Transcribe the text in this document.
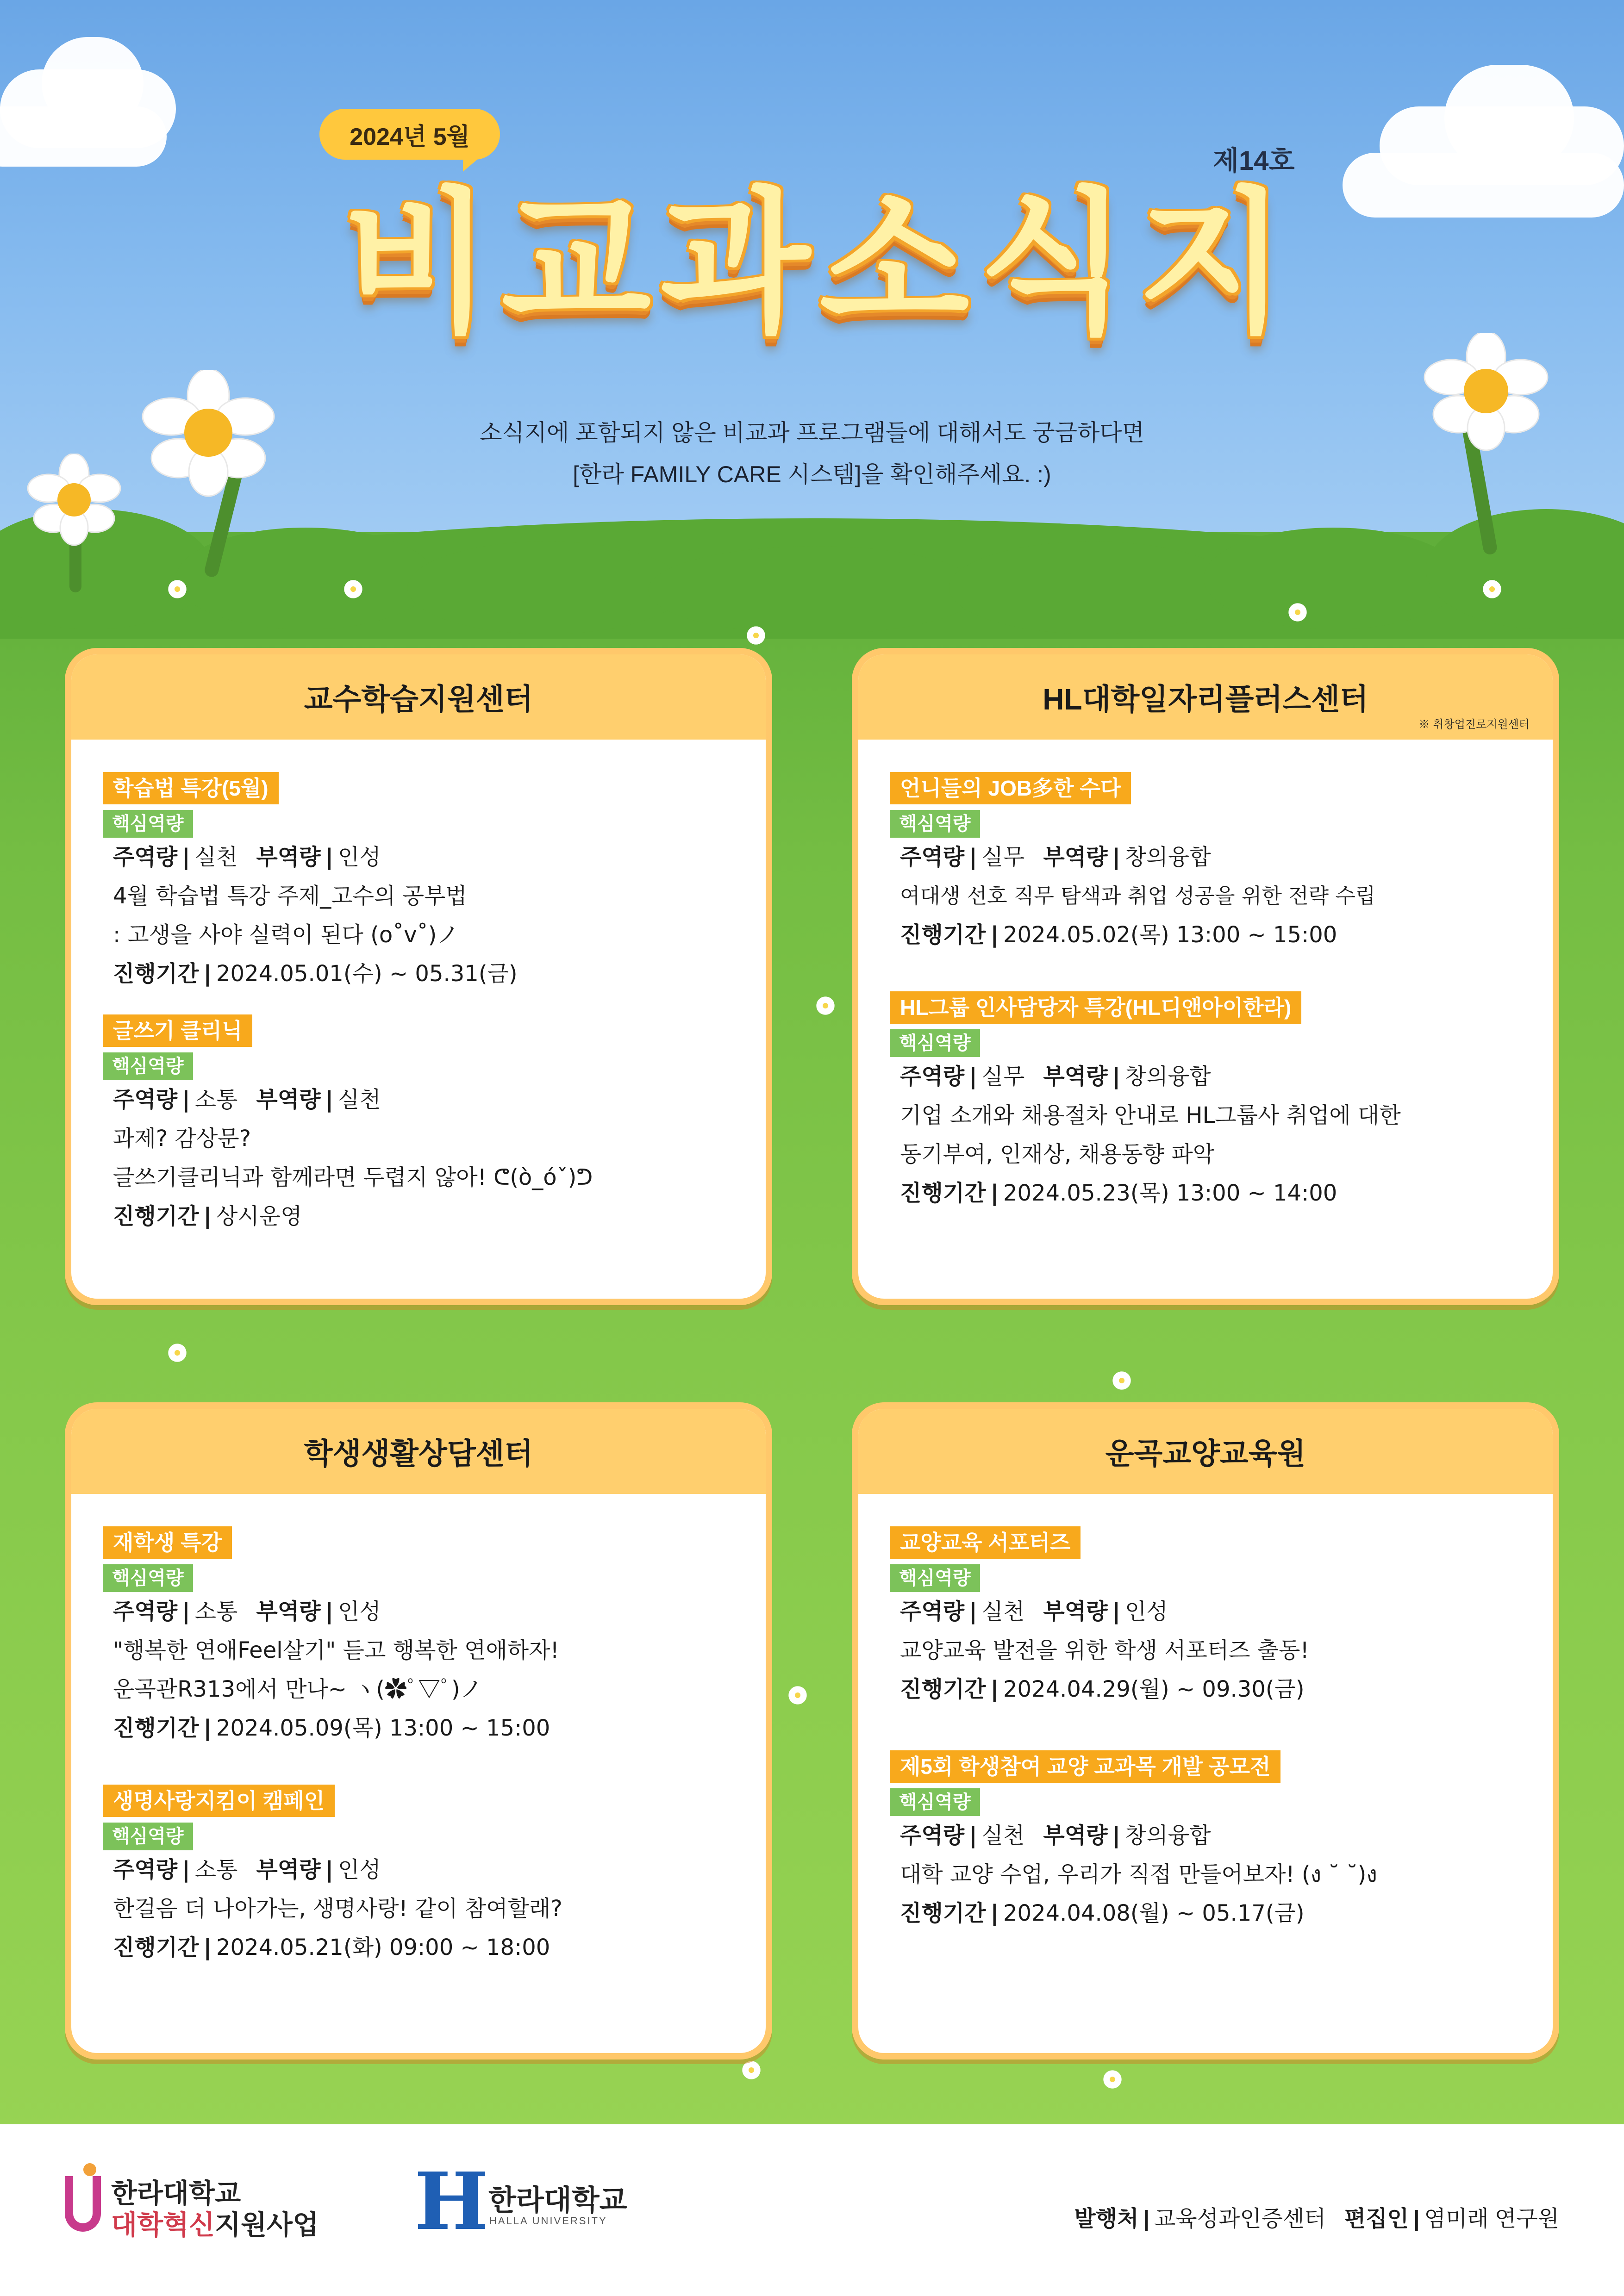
2024년 5월
제14호
비교과소식지
소식지에 포함되지 않은 비교과 프로그램들에 대해서도 궁금하다면
[한라 FAMILY CARE 시스템]을 확인해주세요. :)
교수학습지원센터
학습법 특강(5월)
핵심역량
주역량 | 실천 부역량 | 인성
4월 학습법 특강 주제_고수의 공부법
: 고생을 사야 실력이 된다 (o˚v˚)ノ
진행기간 | 2024.05.01(수) ~ 05.31(금)
글쓰기 클리닉
핵심역량
주역량 | 소통 부역량 | 실천
과제? 감상문?
글쓰기클리닉과 함께라면 두렵지 않아! ᕦ(ò_óˇ)ᕤ
진행기간 | 상시운영
HL대학일자리플러스센터
※ 취창업진로지원센터
언니들의 JOB多한 수다
핵심역량
주역량 | 실무 부역량 | 창의융합
여대생 선호 직무 탐색과 취업 성공을 위한 전략 수립
진행기간 | 2024.05.02(목) 13:00 ~ 15:00
HL그룹 인사담당자 특강(HL디앤아이한라)
핵심역량
주역량 | 실무 부역량 | 창의융합
기업 소개와 채용절차 안내로 HL그룹사 취업에 대한
동기부여, 인재상, 채용동향 파악
진행기간 | 2024.05.23(목) 13:00 ~ 14:00
학생생활상담센터
재학생 특강
핵심역량
주역량 | 소통 부역량 | 인성
"행복한 연애Feel살기" 듣고 행복한 연애하자!
운곡관R313에서 만나~ ヽ(✿ﾟ▽ﾟ)ノ
진행기간 | 2024.05.09(목) 13:00 ~ 15:00
생명사랑지킴이 캠페인
핵심역량
주역량 | 소통 부역량 | 인성
한걸음 더 나아가는, 생명사랑! 같이 참여할래?
진행기간 | 2024.05.21(화) 09:00 ~ 18:00
운곡교양교육원
교양교육 서포터즈
핵심역량
주역량 | 실천 부역량 | 인성
교양교육 발전을 위한 학생 서포터즈 출동!
진행기간 | 2024.04.29(월) ~ 09.30(금)
제5회 학생참여 교양 교과목 개발 공모전
핵심역량
주역량 | 실천 부역량 | 창의융합
대학 교양 수업, 우리가 직접 만들어보자! (ง ˘ ˘)ง
진행기간 | 2024.04.08(월) ~ 05.17(금)
한라대학교
대학혁신지원사업 H 한라대학교
HALLA UNIVERSITY	발행처 | 교육성과인증센터 편집인 | 염미래 연구원
